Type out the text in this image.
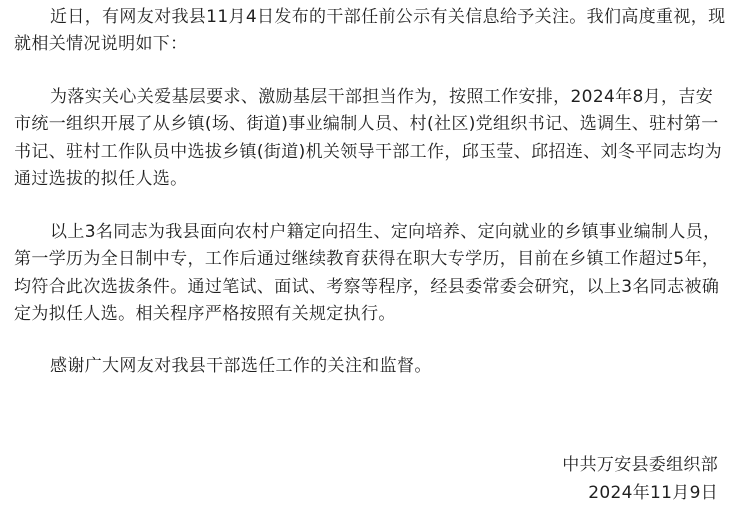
近日，有网友对我县11月4日发布的干部任前公示有关信息给予关注。我们高度重视，现就相关情况说明如下：

为落实关心关爱基层要求、激励基层干部担当作为，按照工作安排，2024年8月，吉安市统一组织开展了从乡镇(场、街道)事业编制人员、村(社区)党组织书记、选调生、驻村第一书记、驻村工作队员中选拔乡镇(街道)机关领导干部工作，邱玉莹、邱招连、刘冬平同志均为通过选拔的拟任人选。

以上3名同志为我县面向农村户籍定向招生、定向培养、定向就业的乡镇事业编制人员，第一学历为全日制中专，工作后通过继续教育获得在职大专学历，目前在乡镇工作超过5年，均符合此次选拔条件。通过笔试、面试、考察等程序，经县委常委会研究，以上3名同志被确定为拟任人选。相关程序严格按照有关规定执行。

感谢广大网友对我县干部选任工作的关注和监督。

中共万安县委组织部
2024年11月9日
